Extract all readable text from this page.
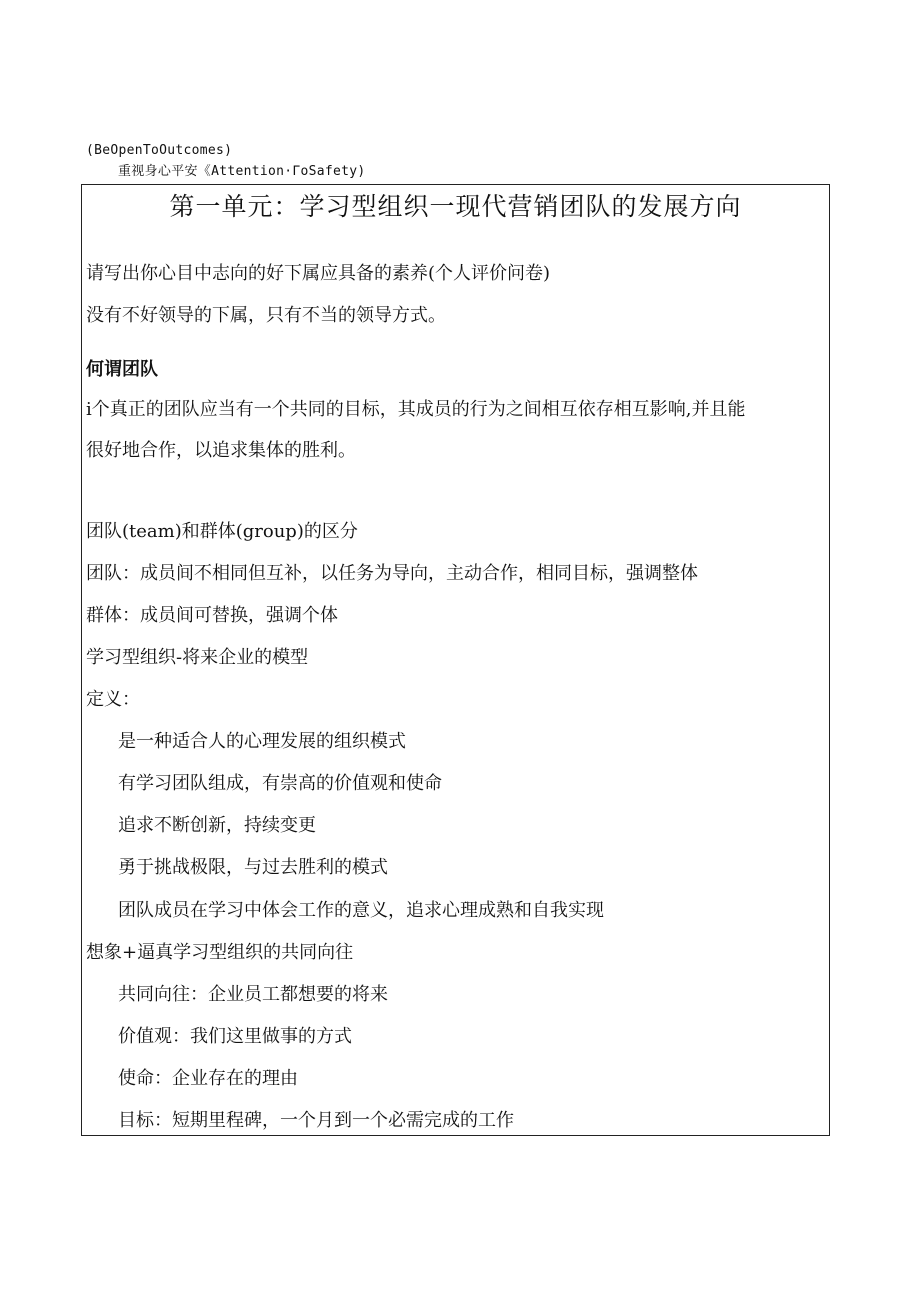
(BeOpenToOutcomes)
重视身心平安《Attention·ΓoSafety)
第一单元：学习型组织一现代营销团队的发展方向
请写出你心目中志向的好下属应具备的素养(个人评价问卷)
没有不好领导的下属，只有不当的领导方式。
何谓团队
i个真正的团队应当有一个共同的目标，其成员的行为之间相互依存相互影响,并且能
很好地合作，以追求集体的胜利。
团队(team)和群体(group)的区分
团队：成员间不相同但互补，以任务为导向，主动合作，相同目标，强调整体
群体：成员间可替换，强调个体
学习型组织-将来企业的模型
定义：
是一种适合人的心理发展的组织模式
有学习团队组成，有崇高的价值观和使命
追求不断创新，持续变更
勇于挑战极限，与过去胜利的模式
团队成员在学习中体会工作的意义，追求心理成熟和自我实现
想象+逼真学习型组织的共同向往
共同向往：企业员工都想要的将来
价值观：我们这里做事的方式
使命：企业存在的理由
目标：短期里程碑，一个月到一个必需完成的工作
